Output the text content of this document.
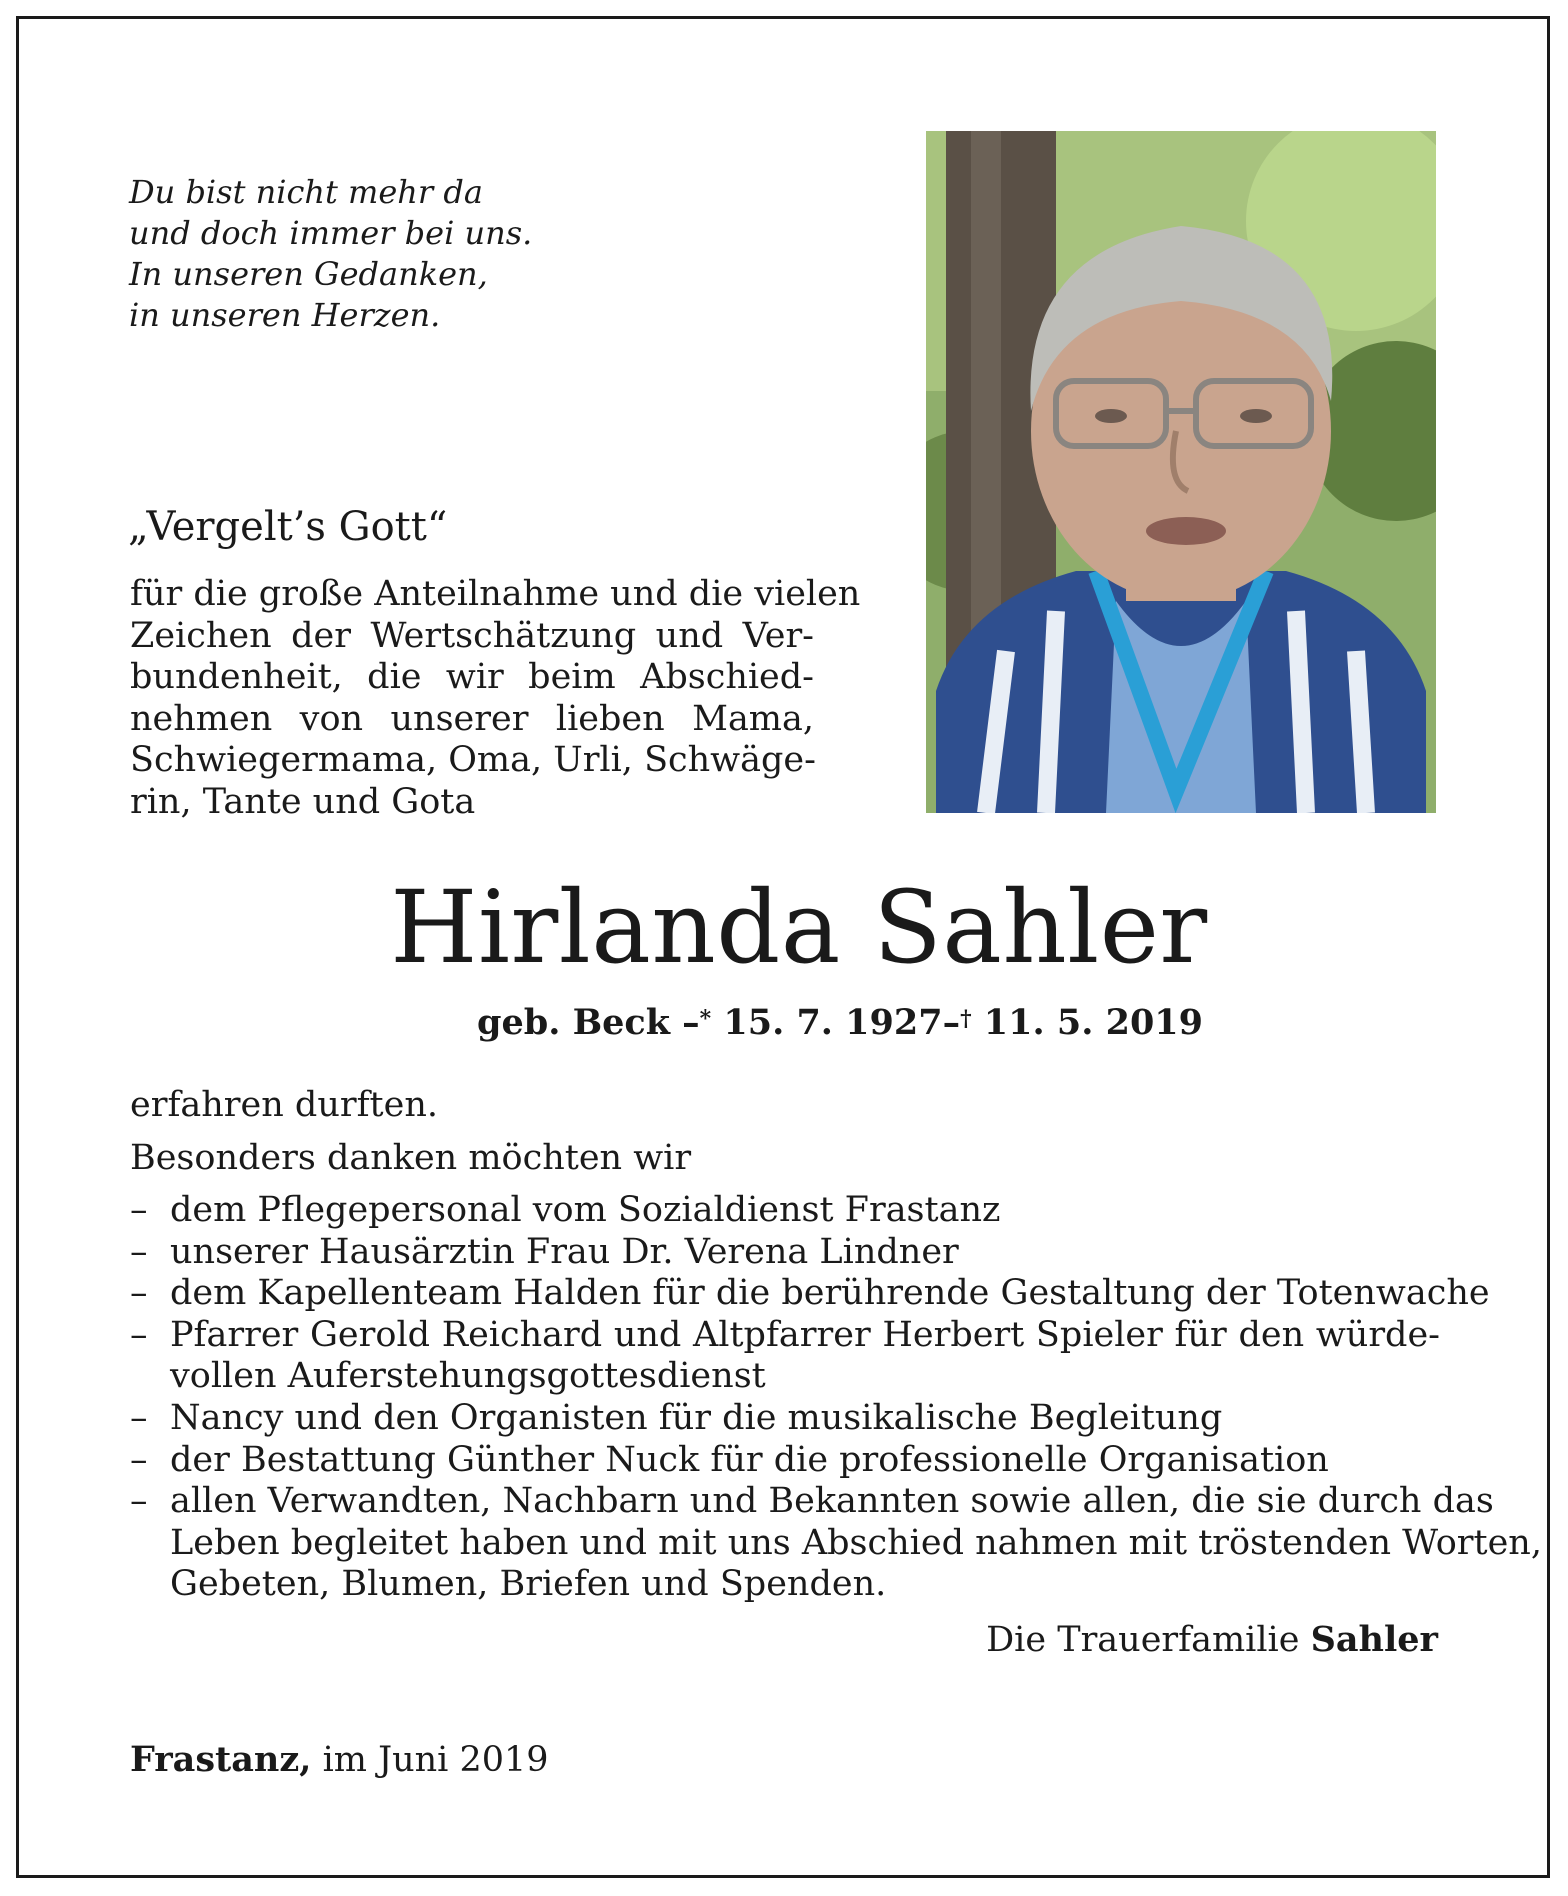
Du bist nicht mehr da
und doch immer bei uns.
In unseren Gedanken,
in unseren Herzen.
„Vergelt’s Gott“
für die große Anteilnahme und die vielen
Zeichen der Wertschätzung und Ver-
bundenheit, die wir beim Abschied-
nehmen von unserer lieben Mama,
Schwiegermama, Oma, Urli, Schwäge-
rin, Tante und Gota
Hirlanda Sahler
geb. Beck –* 15. 7. 1927–† 11. 5. 2019
erfahren durften.
Besonders danken möchten wir
– dem Pflegepersonal vom Sozialdienst Frastanz
– unserer Hausärztin Frau Dr. Verena Lindner
– dem Kapellenteam Halden für die berührende Gestaltung der Totenwache
– Pfarrer Gerold Reichard und Altpfarrer Herbert Spieler für den würde-
vollen Auferstehungsgottesdienst
– Nancy und den Organisten für die musikalische Begleitung
– der Bestattung Günther Nuck für die professionelle Organisation
– allen Verwandten, Nachbarn und Bekannten sowie allen, die sie durch das
Leben begleitet haben und mit uns Abschied nahmen mit tröstenden Worten,
Gebeten, Blumen, Briefen und Spenden.
Die Trauerfamilie Sahler
Frastanz, im Juni 2019
